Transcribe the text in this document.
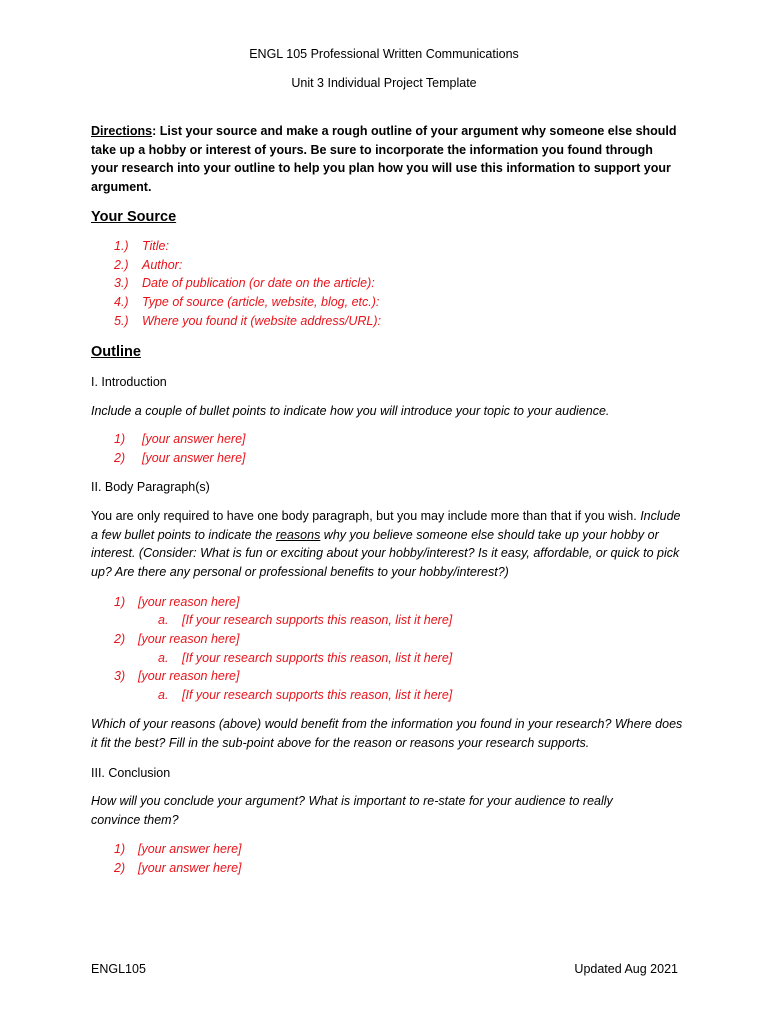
ENGL 105 Professional Written Communications
Unit 3 Individual Project Template
Directions: List your source and make a rough outline of your argument why someone else should take up a hobby or interest of yours. Be sure to incorporate the information you found through your research into your outline to help you plan how you will use this information to support your argument.
Your Source
1.) Title:
2.) Author:
3.) Date of publication (or date on the article):
4.) Type of source (article, website, blog, etc.):
5.) Where you found it (website address/URL):
Outline
I. Introduction
Include a couple of bullet points to indicate how you will introduce your topic to your audience.
1) [your answer here]
2) [your answer here]
II. Body Paragraph(s)
You are only required to have one body paragraph, but you may include more than that if you wish. Include a few bullet points to indicate the reasons why you believe someone else should take up your hobby or interest. (Consider: What is fun or exciting about your hobby/interest? Is it easy, affordable, or quick to pick up? Are there any personal or professional benefits to your hobby/interest?)
1) [your reason here]
a. [If your research supports this reason, list it here]
2) [your reason here]
a. [If your research supports this reason, list it here]
3) [your reason here]
a. [If your research supports this reason, list it here]
Which of your reasons (above) would benefit from the information you found in your research? Where does it fit the best? Fill in the sub-point above for the reason or reasons your research supports.
III. Conclusion
How will you conclude your argument? What is important to re-state for your audience to really convince them?
1) [your answer here]
2) [your answer here]
ENGL105	Updated Aug 2021
